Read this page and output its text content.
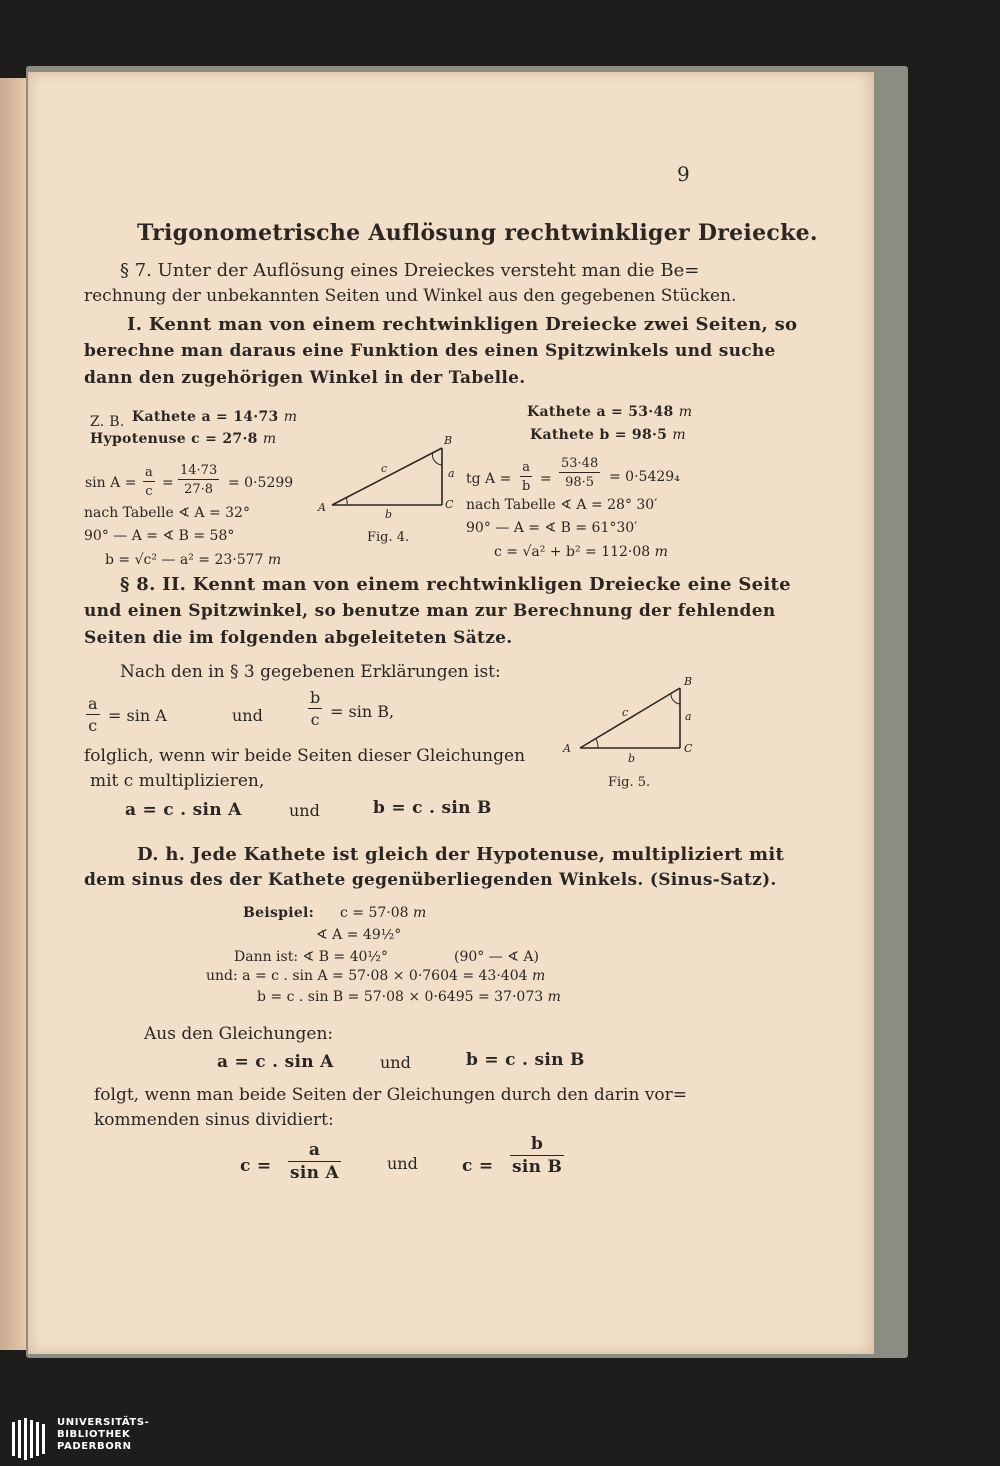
9
Trigonometrische Auflösung rechtwinkliger Dreiecke.
§ 7. Unter der Auflösung eines Dreieckes versteht man die Be=
rechnung der unbekannten Seiten und Winkel aus den gegebenen Stücken.
I. Kennt man von einem rechtwinkligen Dreiecke zwei Seiten, so
berechne man daraus eine Funktion des einen Spitzwinkels und suche
dann den zugehörigen Winkel in der Tabelle.
Z. B. Kathete a = 14·73 m
Hypotenuse c = 27·8 m
$\sin A = \frac{a}{c} = \frac{14\cdot 73}{27\cdot 8} = 0\cdot 5299$
nach Tabelle ∢ A = 32°
90° — A = ∢ B = 58°
b = √c² — a² = 23·577 m
A
B
C
a
b
c
Fig. 4.
Kathete a = 53·48 m
Kathete b = 98·5 m
tg $A = \frac{a}{b} = \frac{53\cdot 48}{98\cdot 5} = 0\cdot 5429_4$
nach Tabelle ∢ A = 28° 30′
90° — A = ∢ B = 61°30′
c = √a² + b² = 112·08 m
§ 8. II. Kennt man von einem rechtwinkligen Dreiecke eine Seite
und einen Spitzwinkel, so benutze man zur Berechnung der fehlenden
Seiten die im folgenden abgeleiteten Sätze.
Nach den in § 3 gegebenen Erklärungen ist:
$\frac{a}{c} = \sin A$	und	$\frac{b}{c} = \sin B$,
folglich, wenn wir beide Seiten dieser Gleichungen
mit c multiplizieren,
a = c . sin A	und	b = c . sin B
A
B
C
a
b
c
Fig. 5.
D. h. Jede Kathete ist gleich der Hypotenuse, multipliziert mit
dem sinus des der Kathete gegenüberliegenden Winkels. (Sinus-Satz).
Beispiel: c = 57·08 m
∢ A = 49½°
Dann ist: ∢ B = 40½°	(90° — ∢ A)
und: a = c . sin A = 57·08 × 0·7604 = 43·404 m
b = c . sin B = 57·08 × 0·6495 = 37·073 m
Aus den Gleichungen:
a = c . sin A	und	b = c . sin B
folgt, wenn man beide Seiten der Gleichungen durch den darin vor=
kommenden sinus dividiert:
$c = \frac{a}{\text{sin A}}$	und	$c = \frac{b}{\text{sin B}}$
UNIVERSITÄTS-
BIBLIOTHEK
PADERBORN
